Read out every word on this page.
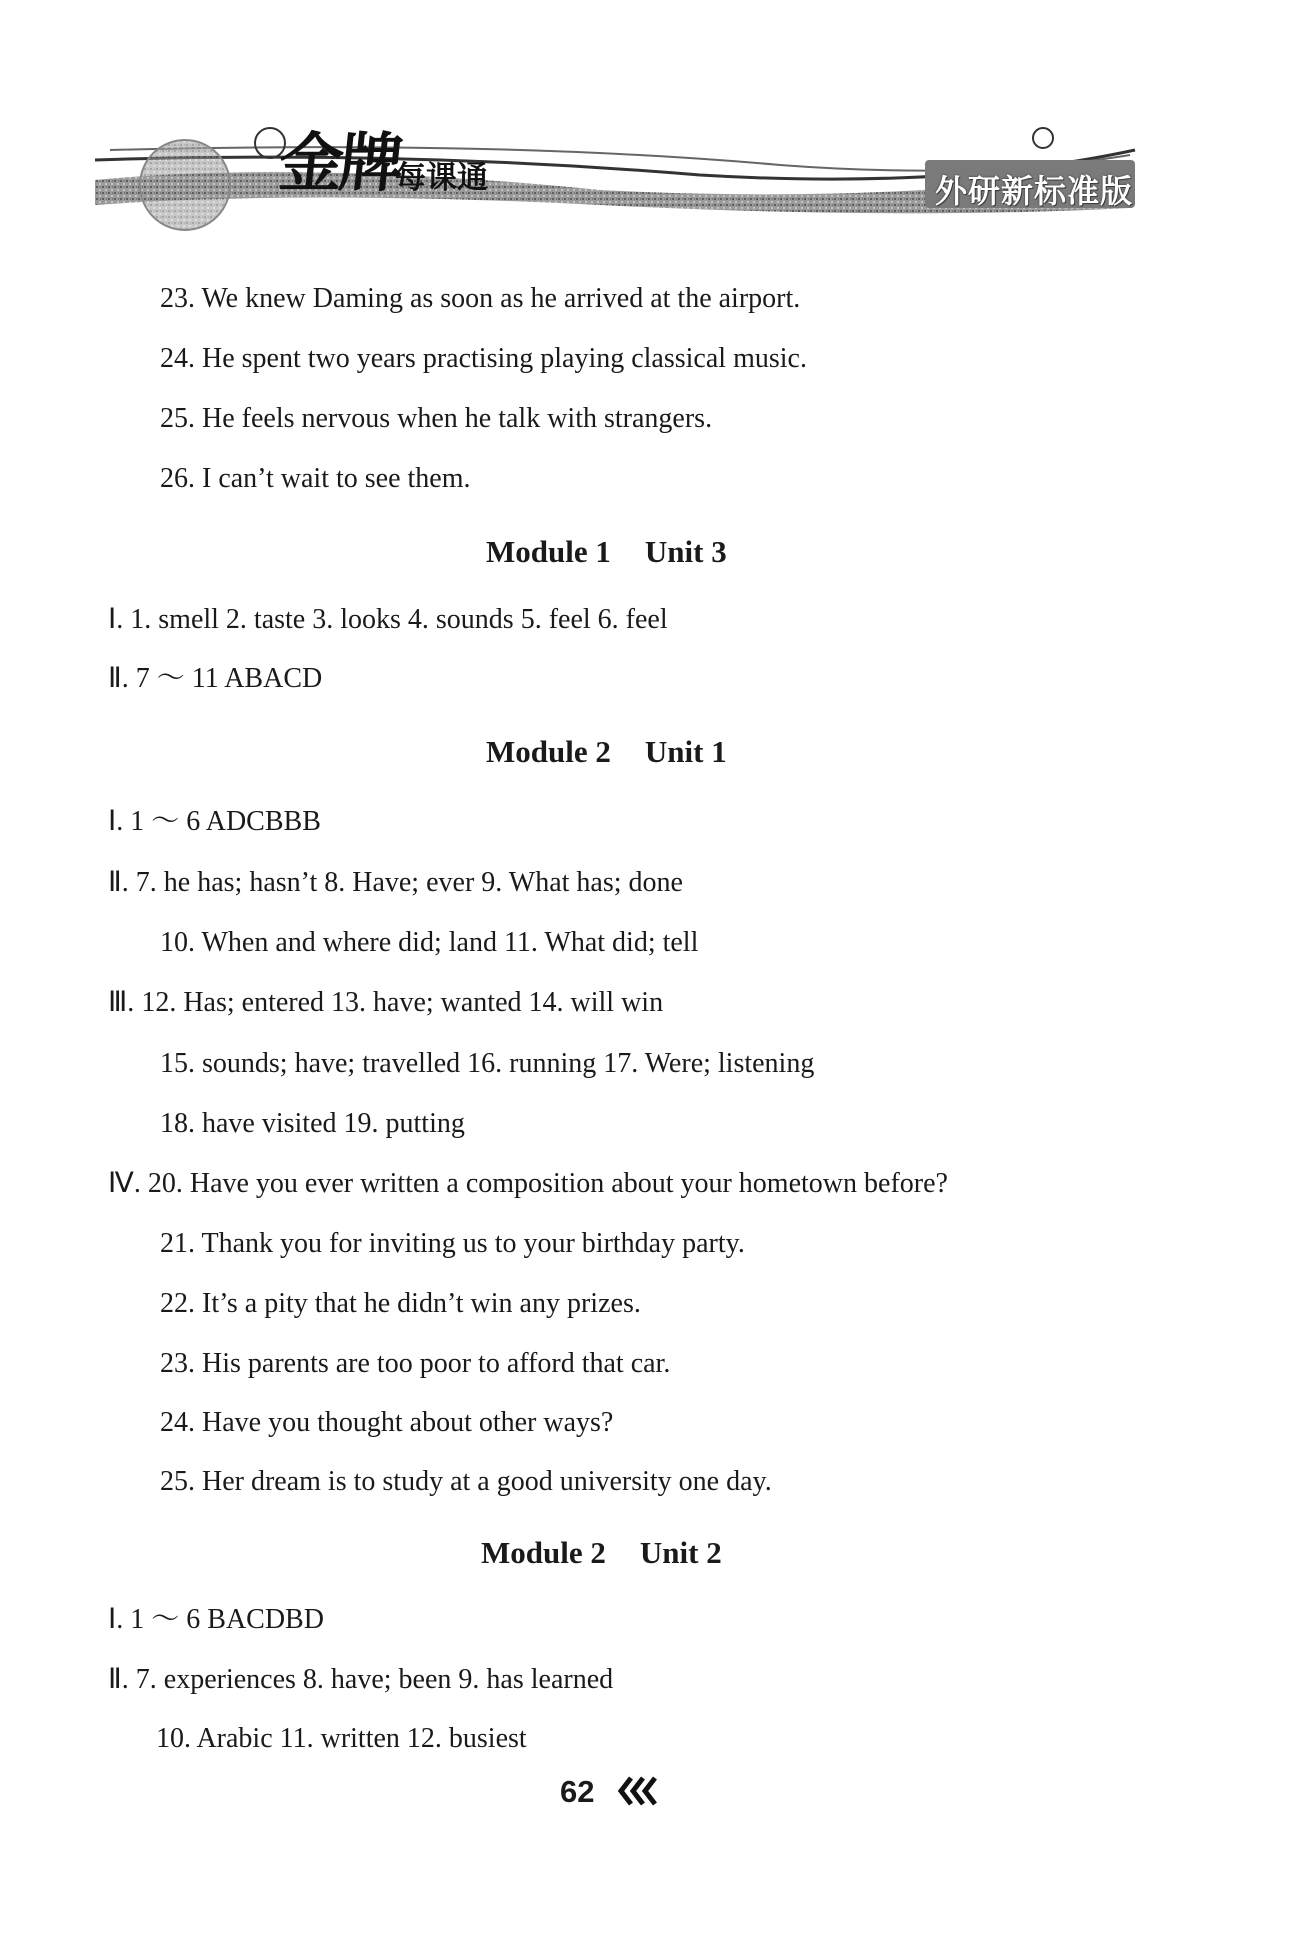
金牌
每课通	外研新标准版
23. We knew Daming as soon as he arrived at the airport.
24. He spent two years practising playing classical music.
25. He feels nervous when he talk with strangers.
26. I can’t wait to see them.
Module 1 Unit 3
Ⅰ. 1. smell 2. taste 3. looks 4. sounds 5. feel 6. feel
Ⅱ. 7 ～ 11 ABACD
Module 2 Unit 1
Ⅰ. 1 ～ 6 ADCBBB
Ⅱ. 7. he has; hasn’t 8. Have; ever 9. What has; done
10. When and where did; land 11. What did; tell
Ⅲ. 12. Has; entered 13. have; wanted 14. will win
15. sounds; have; travelled 16. running 17. Were; listening
18. have visited 19. putting
Ⅳ. 20. Have you ever written a composition about your hometown before?
21. Thank you for inviting us to your birthday party.
22. It’s a pity that he didn’t win any prizes.
23. His parents are too poor to afford that car.
24. Have you thought about other ways?
25. Her dream is to study at a good university one day.
Module 2 Unit 2
Ⅰ. 1 ～ 6 BACDBD
Ⅱ. 7. experiences 8. have; been 9. has learned
10. Arabic 11. written 12. busiest
62
